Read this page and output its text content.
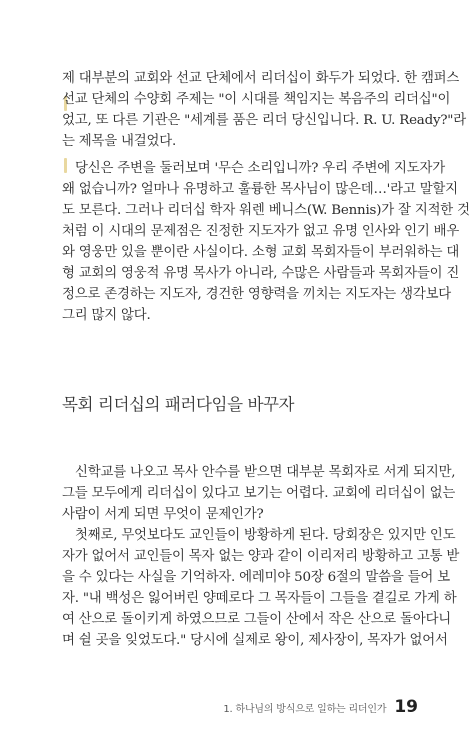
제 대부분의 교회와 선교 단체에서 리더십이 화두가 되었다. 한 캠퍼스
선교 단체의 수양회 주제는 "이 시대를 책임지는 복음주의 리더십"이
었고, 또 다른 기관은 "세계를 품은 리더 당신입니다. R. U. Ready?"라
는 제목을 내걸었다.
당신은 주변을 둘러보며 '무슨 소리입니까? 우리 주변에 지도자가
왜 없습니까? 얼마나 유명하고 훌륭한 목사님이 많은데…'라고 말할지
도 모른다. 그러나 리더십 학자 워렌 베니스(W. Bennis)가 잘 지적한 것
처럼 이 시대의 문제점은 진정한 지도자가 없고 유명 인사와 인기 배우
와 영웅만 있을 뿐이란 사실이다. 소형 교회 목회자들이 부러워하는 대
형 교회의 영웅적 유명 목사가 아니라, 수많은 사람들과 목회자들이 진
정으로 존경하는 지도자, 경건한 영향력을 끼치는 지도자는 생각보다
그리 많지 않다.
목회 리더십의 패러다임을 바꾸자
신학교를 나오고 목사 안수를 받으면 대부분 목회자로 서게 되지만,
그들 모두에게 리더십이 있다고 보기는 어렵다. 교회에 리더십이 없는
사람이 서게 되면 무엇이 문제인가?
첫째로, 무엇보다도 교인들이 방황하게 된다. 당회장은 있지만 인도
자가 없어서 교인들이 목자 없는 양과 같이 이리저리 방황하고 고통 받
을 수 있다는 사실을 기억하자. 에레미야 50장 6절의 말씀을 들어 보
자. "내 백성은 잃어버린 양떼로다 그 목자들이 그들을 곁길로 가게 하
여 산으로 돌이키게 하였으므로 그들이 산에서 작은 산으로 돌아다니
며 쉴 곳을 잊었도다." 당시에 실제로 왕이, 제사장이, 목자가 없어서
1. 하나님의 방식으로 일하는 리더인가 19
